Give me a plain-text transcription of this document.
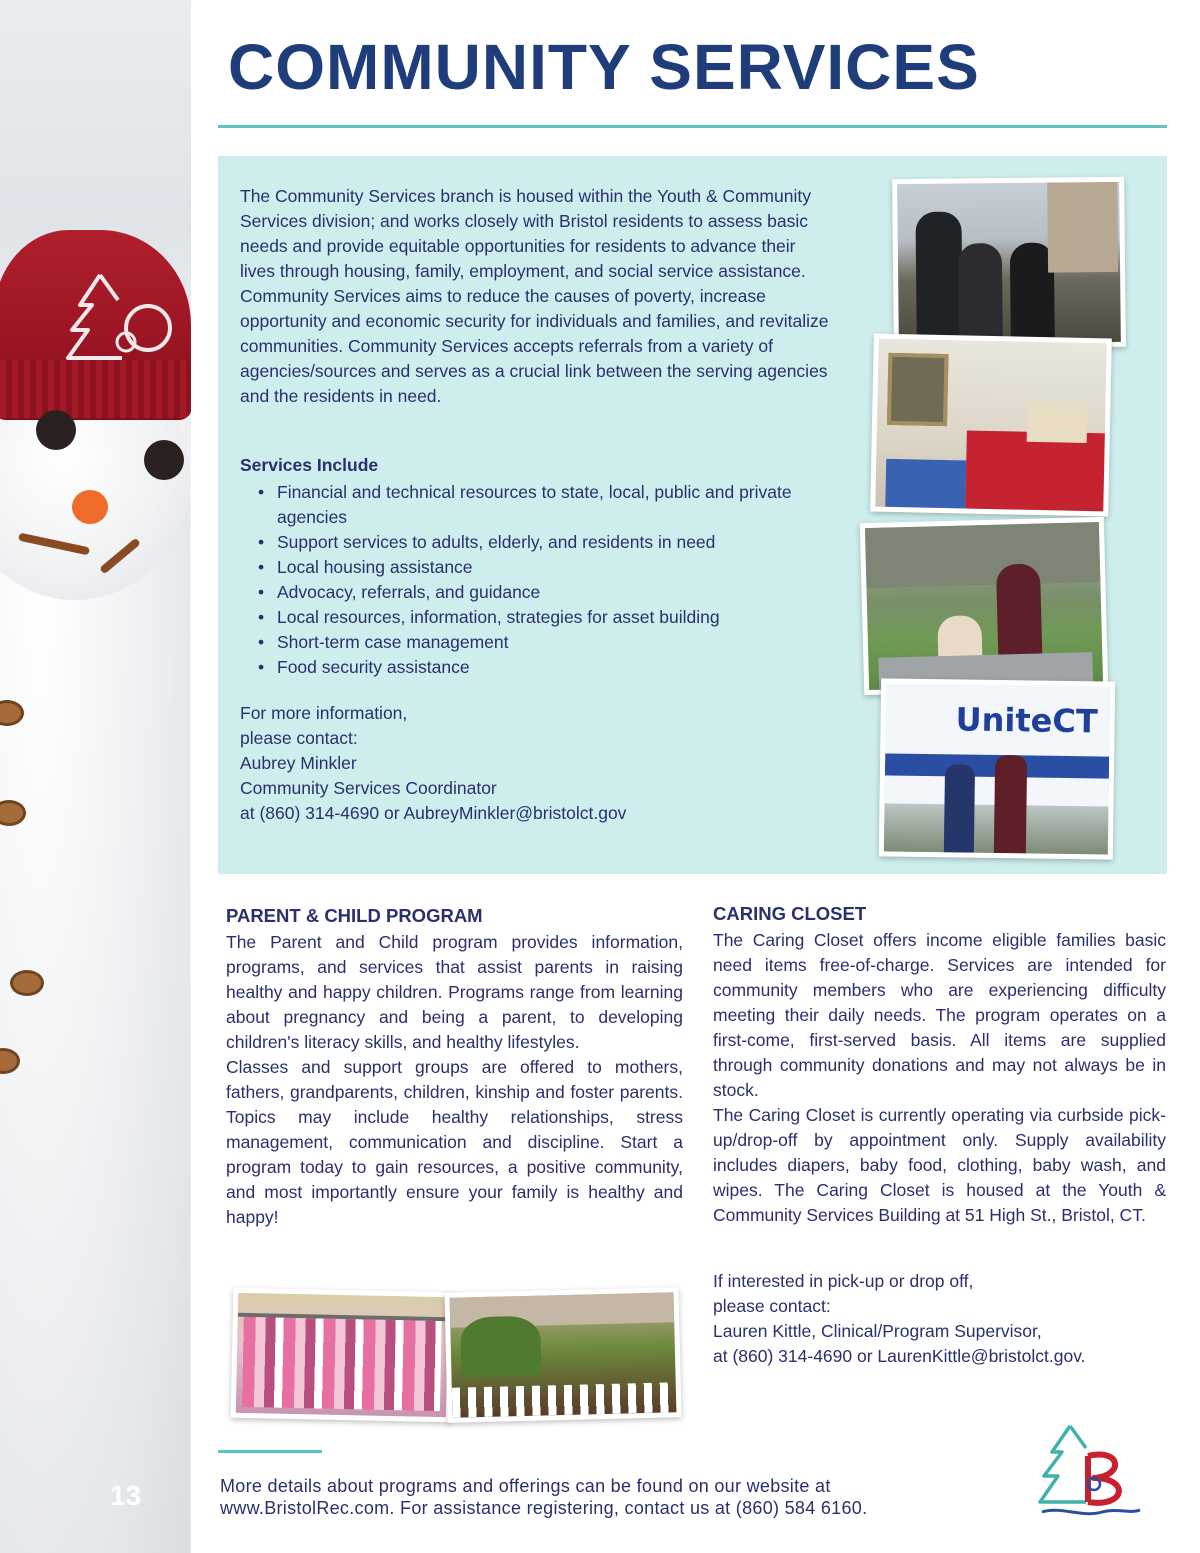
13
COMMUNITY SERVICES

The Community Services branch is housed within the Youth & Community Services division; and works closely with Bristol residents to assess basic needs and provide equitable opportunities for residents to advance their lives through housing, family, employment, and social service assistance. Community Services aims to reduce the causes of poverty, increase opportunity and economic security for individuals and families, and revitalize communities. Community Services accepts referrals from a variety of agencies/sources and serves as a crucial link between the serving agencies and the residents in need.

Services Include
• Financial and technical resources to state, local, public and private agencies
• Support services to adults, elderly, and residents in need
• Local housing assistance
• Advocacy, referrals, and guidance
• Local resources, information, strategies for asset building
• Short-term case management
• Food security assistance
For more information,
please contact:
Aubrey Minkler
Community Services Coordinator
at (860) 314-4690 or AubreyMinkler@bristolct.gov
UniteCT
PARENT & CHILD PROGRAM

The Parent and Child program provides information, programs, and services that assist parents in raising healthy and happy children. Programs range from learning about pregnancy and being a parent, to developing children's literacy skills, and healthy lifestyles.

Classes and support groups are offered to mothers, fathers, grandparents, children, kinship and foster parents. Topics may include healthy relationships, stress management, communication and discipline. Start a program today to gain resources, a positive community, and most importantly ensure your family is healthy and happy!

CARING CLOSET

The Caring Closet offers income eligible families basic need items free-of-charge. Services are intended for community members who are experiencing difficulty meeting their daily needs. The program operates on a first-come, first-served basis. All items are supplied through community donations and may not always be in stock.

The Caring Closet is currently operating via curbside pick-up/drop-off by appointment only. Supply availability includes diapers, baby food, clothing, baby wash, and wipes. The Caring Closet is housed at the Youth & Community Services Building at 51 High St., Bristol, CT.

If interested in pick-up or drop off,
please contact:
Lauren Kittle, Clinical/Program Supervisor,
at (860) 314-4690 or LaurenKittle@bristolct.gov.
More details about programs and offerings can be found on our website at
www.BristolRec.com. For assistance registering, contact us at (860) 584 6160.
